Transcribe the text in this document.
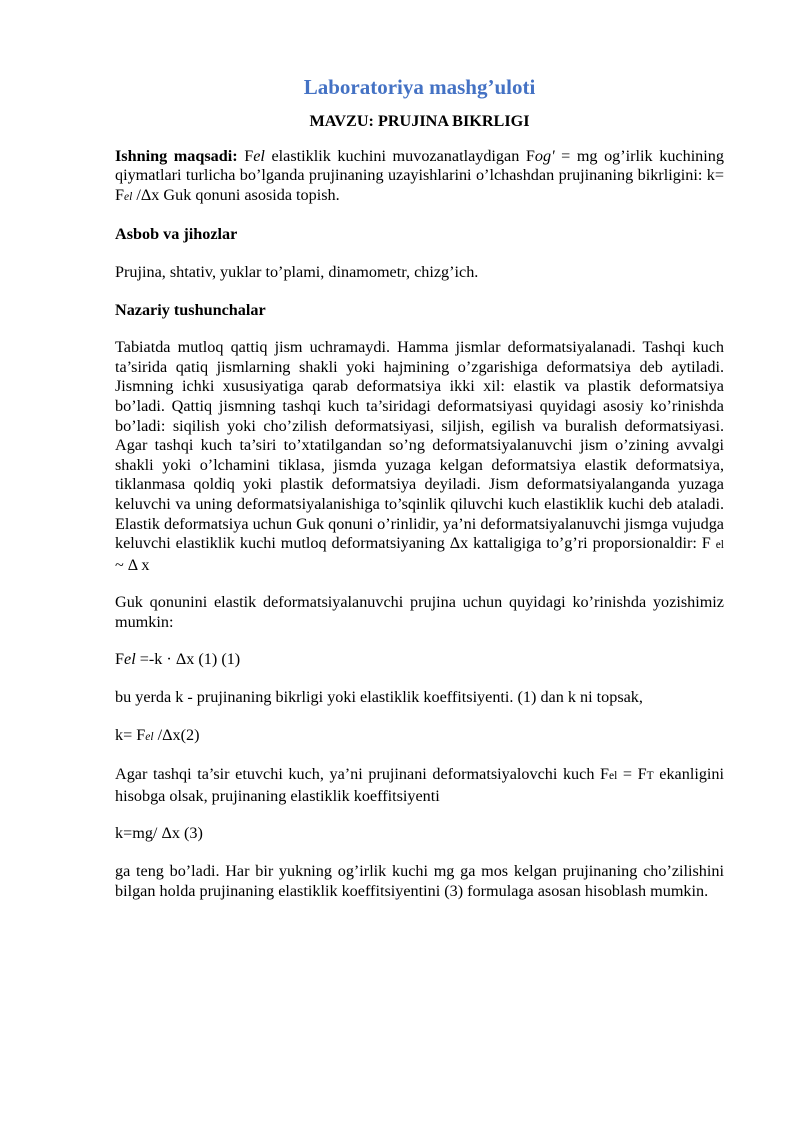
Laboratoriya mashg’uloti
MAVZU: PRUJINA BIKRLIGI

Ishning maqsadi: Fel elastiklik kuchini muvozanatlaydigan Fog' = mg og’irlik kuchining qiymatlari turlicha bo’lganda prujinaning uzayishlarini o’lchashdan prujinaning bikrligini: k= Fel /Δx Guk qonuni asosida topish.

Asbob va jihozlar

Prujina, shtativ, yuklar to’plami, dinamometr, chizg’ich.

Nazariy tushunchalar

Tabiatda mutloq qattiq jism uchramaydi. Hamma jismlar deformatsiyalanadi. Tashqi kuch ta’sirida qatiq jismlarning shakli yoki hajmining o’zgarishiga deformatsiya deb aytiladi. Jismning ichki xususiyatiga qarab deformatsiya ikki xil: elastik va plastik deformatsiya bo’ladi. Qattiq jismning tashqi kuch ta’siridagi deformatsiyasi quyidagi asosiy ko’rinishda bo’ladi: siqilish yoki cho’zilish deformatsiyasi, siljish, egilish va buralish deformatsiyasi. Agar tashqi kuch ta’siri to’xtatilgandan so’ng deformatsiyalanuvchi jism o’zining avvalgi shakli yoki o’lchamini tiklasa, jismda yuzaga kelgan deformatsiya elastik deformatsiya, tiklanmasa qoldiq yoki plastik deformatsiya deyiladi. Jism deformatsiyalanganda yuzaga keluvchi va uning deformatsiyalanishiga to’sqinlik qiluvchi kuch elastiklik kuchi deb ataladi. Elastik deformatsiya uchun Guk qonuni o’rinlidir, ya’ni deformatsiyalanuvchi jismga vujudga keluvchi elastiklik kuchi mutloq deformatsiyaning Δx kattaligiga to’g’ri proporsionaldir: F el ~ Δ x

Guk qonunini elastik deformatsiyalanuvchi prujina uchun quyidagi ko’rinishda yozishimiz mumkin:

Fel =-k · Δx (1) (1)

bu yerda k - prujinaning bikrligi yoki elastiklik koeffitsiyenti. (1) dan k ni topsak,

k= Fel /Δx(2)

Agar tashqi ta’sir etuvchi kuch, ya’ni prujinani deformatsiyalovchi kuch Fel = FT ekanligini hisobga olsak, prujinaning elastiklik koeffitsiyenti

k=mg/ Δx (3)

ga teng bo’ladi. Har bir yukning og’irlik kuchi mg ga mos kelgan prujinaning cho’zilishini bilgan holda prujinaning elastiklik koeffitsiyentini (3) formulaga asosan hisoblash mumkin.
